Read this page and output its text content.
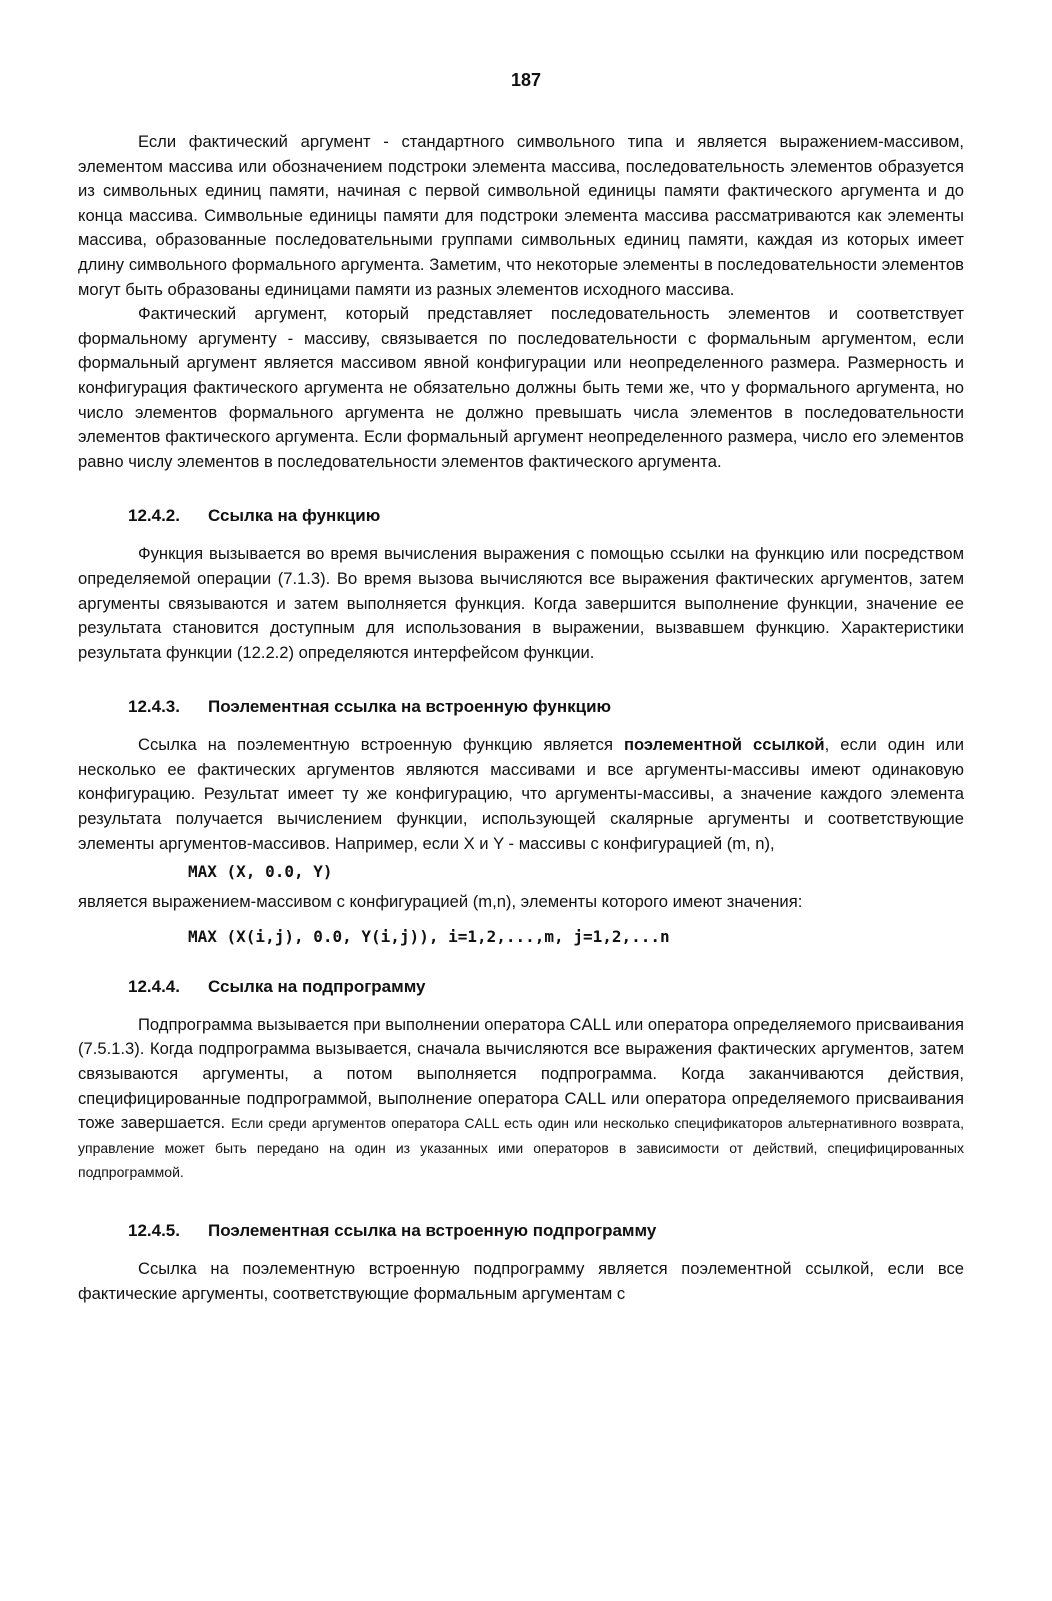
187

Если фактический аргумент - стандартного символьного типа и является выражением-массивом, элементом массива или обозначением подстроки элемента массива, последовательность элементов образуется из символьных единиц памяти, начиная с первой символьной единицы памяти фактического аргумента и до конца массива. Символьные единицы памяти для подстроки элемента массива рассматриваются как элементы массива, образованные последовательными группами символьных единиц памяти, каждая из которых имеет длину символьного формального аргумента. Заметим, что некоторые элементы в последовательности элементов могут быть образованы единицами памяти из разных элементов исходного массива.

Фактический аргумент, который представляет последовательность элементов и соответствует формальному аргументу - массиву, связывается по последовательности с формальным аргументом, если формальный аргумент является массивом явной конфигурации или неопределенного размера. Размерность и конфигурация фактического аргумента не обязательно должны быть теми же, что у формального аргумента, но число элементов формального аргумента не должно превышать числа элементов в последовательности элементов фактического аргумента. Если формальный аргумент неопределенного размера, число его элементов равно числу элементов в последовательности элементов фактического аргумента.

12.4.2. Ссылка на функцию

Функция вызывается во время вычисления выражения с помощью ссылки на функцию или посредством определяемой операции (7.1.3). Во время вызова вычисляются все выражения фактических аргументов, затем аргументы связываются и затем выполняется функция. Когда завершится выполнение функции, значение ее результата становится доступным для использования в выражении, вызвавшем функцию. Характеристики результата функции (12.2.2) определяются интерфейсом функции.

12.4.3. Поэлементная ссылка на встроенную функцию

Ссылка на поэлементную встроенную функцию является поэлементной ссылкой, если один или несколько ее фактических аргументов являются массивами и все аргументы-массивы имеют одинаковую конфигурацию. Результат имеет ту же конфигурацию, что аргументы-массивы, а значение каждого элемента результата получается вычислением функции, использующей скалярные аргументы и соответствующие элементы аргументов-массивов. Например, если X и Y - массивы с конфигурацией (m, n),

MAX (X, 0.0, Y)

является выражением-массивом с конфигурацией (m,n), элементы которого имеют значения:

MAX (X(i,j), 0.0, Y(i,j)), i=1,2,...,m, j=1,2,...n
12.4.4. Ссылка на подпрограмму

Подпрограмма вызывается при выполнении оператора CALL или оператора определяемого присваивания (7.5.1.3). Когда подпрограмма вызывается, сначала вычисляются все выражения фактических аргументов, затем связываются аргументы, а потом выполняется подпрограмма. Когда заканчиваются действия, специфицированные подпрограммой, выполнение оператора CALL или оператора определяемого присваивания тоже завершается. Если среди аргументов оператора CALL есть один или несколько спецификаторов альтернативного возврата, управление может быть передано на один из указанных ими операторов в зависимости от действий, специфицированных подпрограммой.

12.4.5. Поэлементная ссылка на встроенную подпрограмму

Ссылка на поэлементную встроенную подпрограмму является поэлементной ссылкой, если все фактические аргументы, соответствующие формальным аргументам с
